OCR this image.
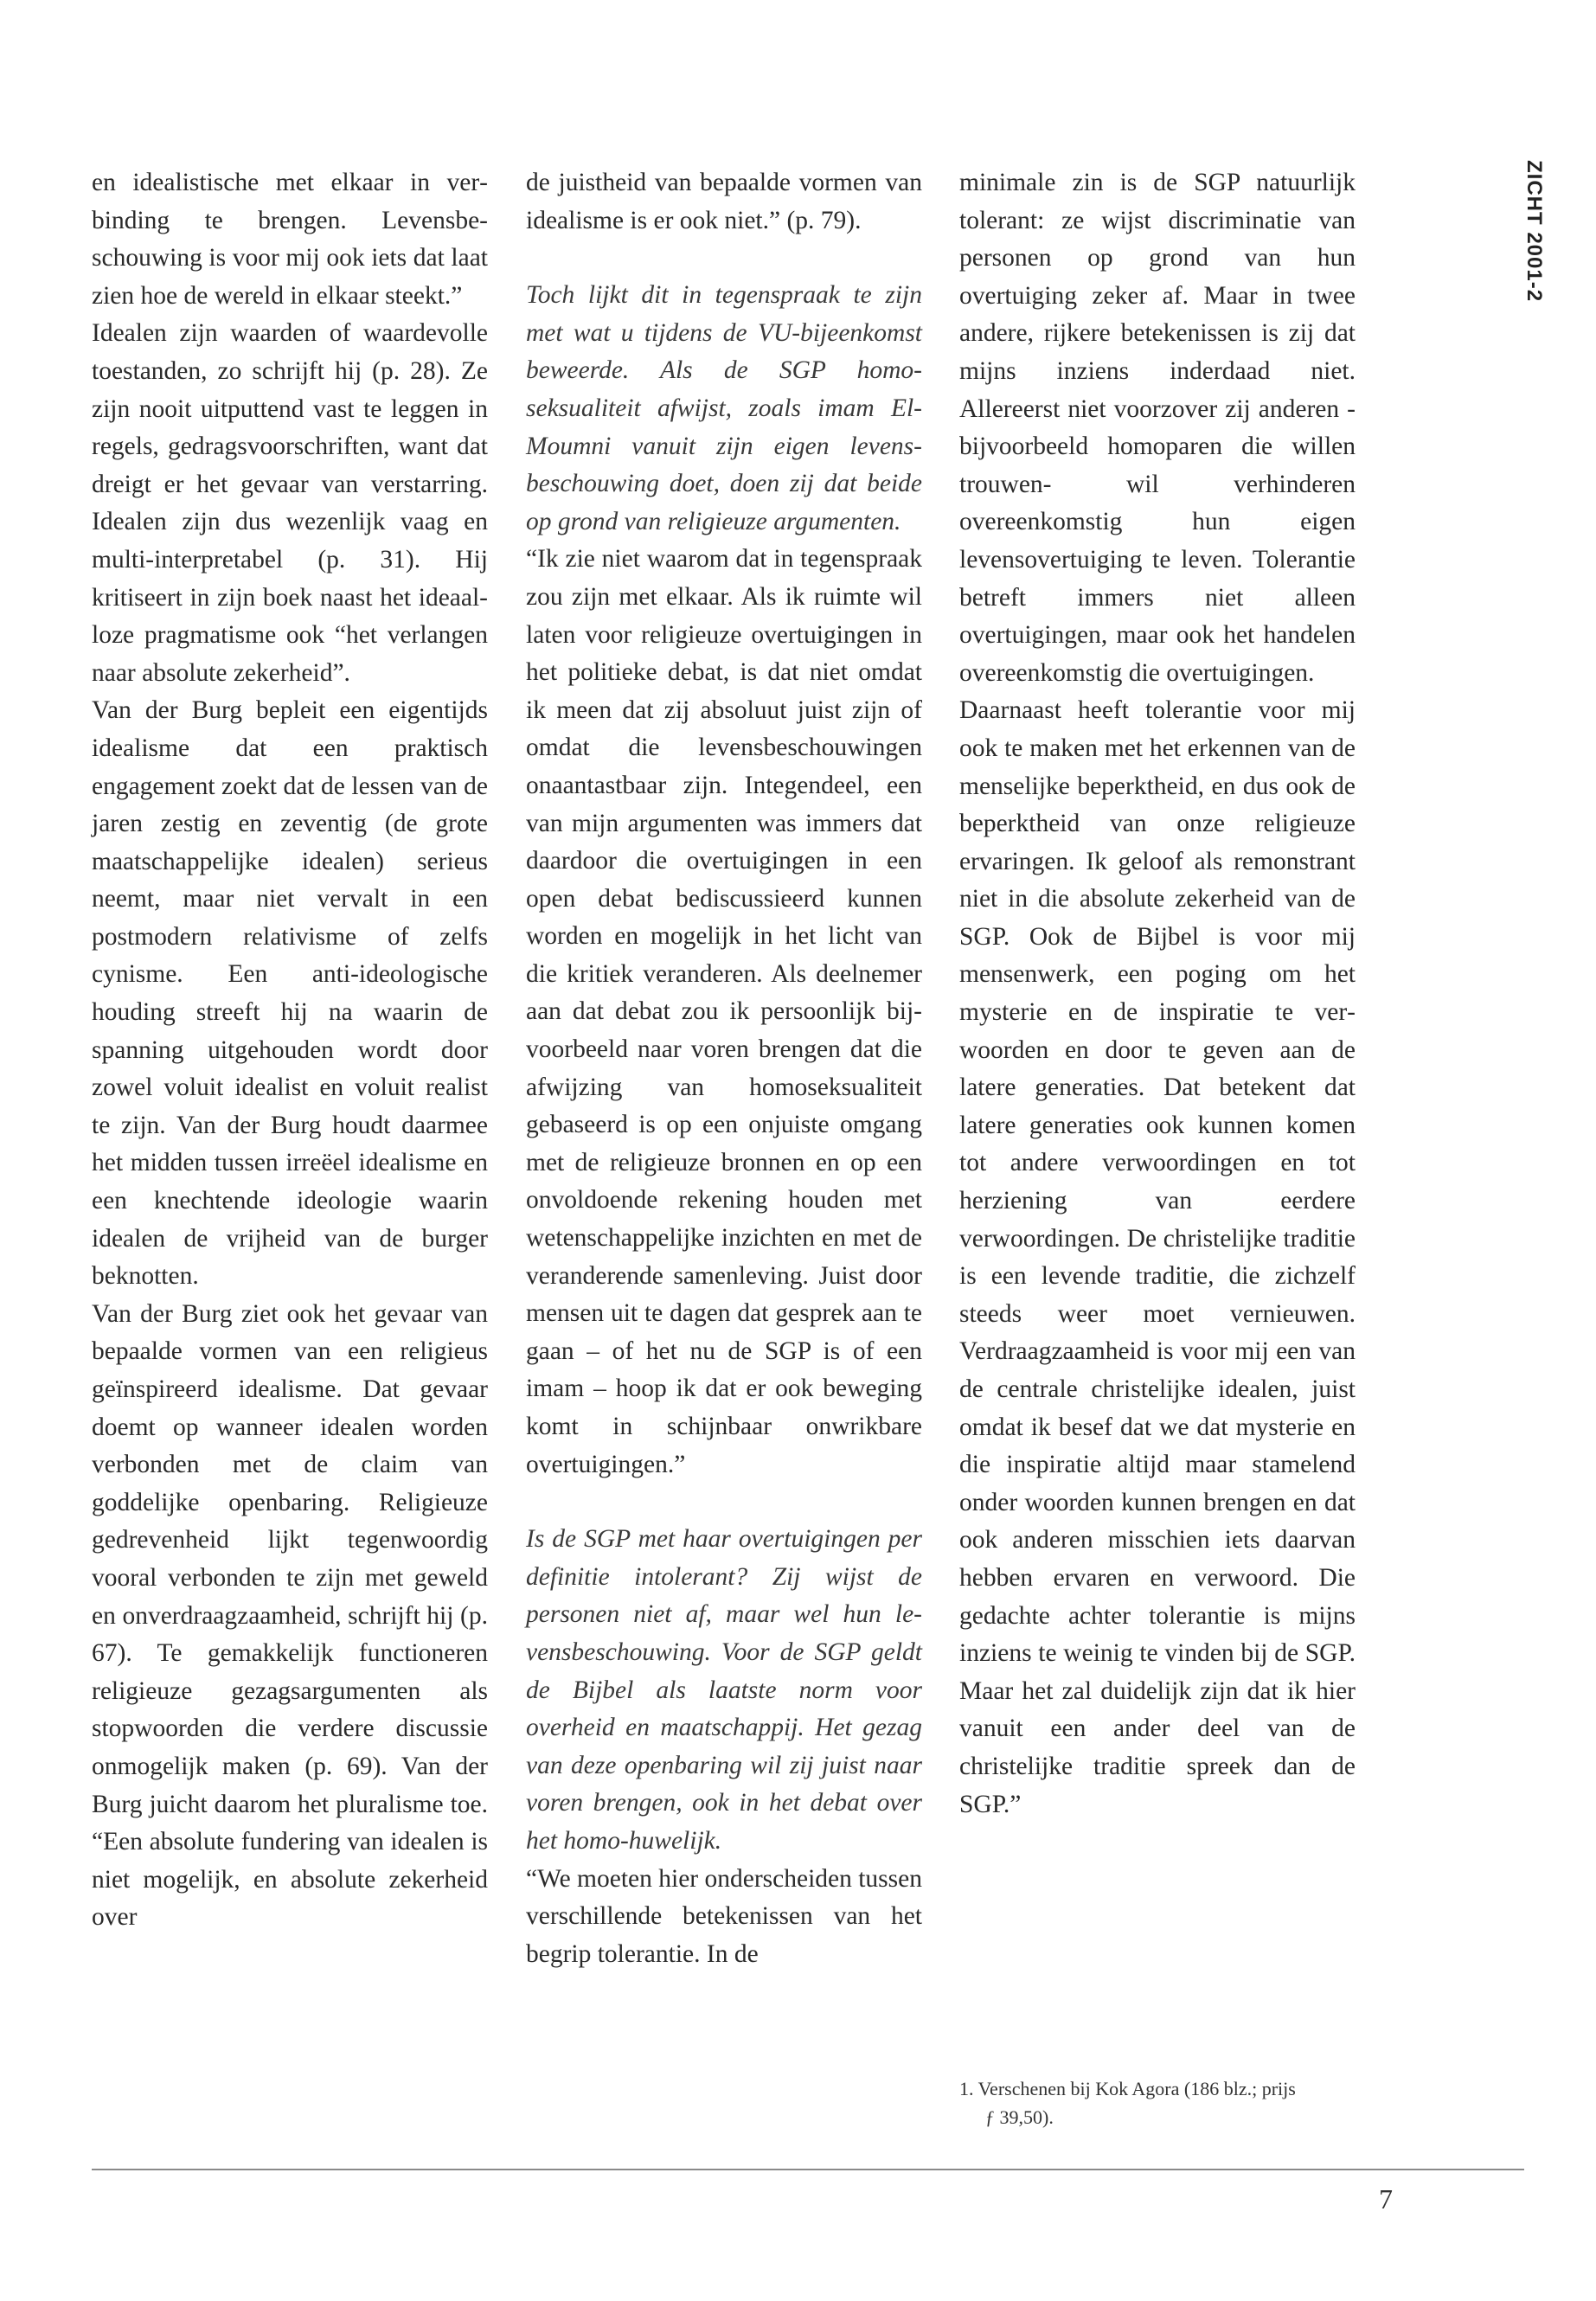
ZICHT 2001-2

en idealistische met elkaar in verbinding te brengen. Levensbeschouwing is voor mij ook iets dat laat zien hoe de wereld in elkaar steekt.”

Idealen zijn waarden of waardevolle toestanden, zo schrijft hij (p. 28). Ze zijn nooit uitputtend vast te leggen in regels, gedragsvoorschriften, want dat dreigt er het gevaar van verstarring. Idealen zijn dus wezenlijk vaag en multi-interpretabel (p. 31). Hij kritiseert in zijn boek naast het ideaal-loze pragmatisme ook “het verlangen naar absolute zekerheid”.

Van der Burg bepleit een eigentijds idealisme dat een praktisch engagement zoekt dat de lessen van de jaren zestig en zeventig (de grote maatschappelijke idealen) serieus neemt, maar niet vervalt in een postmodern relativisme of zelfs cynisme. Een anti-ideologische houding streeft hij na waarin de spanning uitgehouden wordt door zowel voluit idealist en voluit realist te zijn. Van der Burg houdt daarmee het midden tussen irreëel idealisme en een knechtende ideologie waarin idealen de vrijheid van de burger beknotten.

Van der Burg ziet ook het gevaar van bepaalde vormen van een religieus geïnspireerd idealisme. Dat gevaar doemt op wanneer idealen worden verbonden met de claim van goddelijke openbaring. Religieuze gedrevenheid lijkt tegenwoordig vooral verbonden te zijn met geweld en onverdraagzaamheid, schrijft hij (p. 67). Te gemakkelijk functioneren religieuze gezagsargumenten als stopwoorden die verdere discussie onmogelijk maken (p. 69). Van der Burg juicht daarom het pluralisme toe. “Een absolute fundering van idealen is niet mogelijk, en absolute zekerheid over

de juistheid van bepaalde vormen van idealisme is er ook niet.” (p. 79).

Toch lijkt dit in tegenspraak te zijn met wat u tijdens de VU-bijeenkomst beweerde. Als de SGP homoseksualiteit afwijst, zoals imam El-Moumni vanuit zijn eigen levensbeschouwing doet, doen zij dat beide op grond van religieuze argumenten.

“Ik zie niet waarom dat in tegenspraak zou zijn met elkaar. Als ik ruimte wil laten voor religieuze overtuigingen in het politieke debat, is dat niet omdat ik meen dat zij absoluut juist zijn of omdat die levensbeschouwingen onaantastbaar zijn. Integendeel, een van mijn argumenten was immers dat daardoor die overtuigingen in een open debat bediscussieerd kunnen worden en mogelijk in het licht van die kritiek veranderen. Als deelnemer aan dat debat zou ik persoonlijk bijvoorbeeld naar voren brengen dat die afwijzing van homoseksualiteit gebaseerd is op een onjuiste omgang met de religieuze bronnen en op een onvoldoende rekening houden met wetenschappelijke inzichten en met de veranderende samenleving. Juist door mensen uit te dagen dat gesprek aan te gaan – of het nu de SGP is of een imam – hoop ik dat er ook beweging komt in schijnbaar onwrikbare overtuigingen.”

Is de SGP met haar overtuigingen per definitie intolerant? Zij wijst de personen niet af, maar wel hun levensbeschouwing. Voor de SGP geldt de Bijbel als laatste norm voor overheid en maatschappij. Het gezag van deze openbaring wil zij juist naar voren brengen, ook in het debat over het homo-huwelijk.

“We moeten hier onderscheiden tussen verschillende betekenissen van het begrip tolerantie. In de

minimale zin is de SGP natuurlijk tolerant: ze wijst discriminatie van personen op grond van hun overtuiging zeker af. Maar in twee andere, rijkere betekenissen is zij dat mijns inziens inderdaad niet. Allereerst niet voorzover zij anderen -bijvoorbeeld homoparen die willen trouwen- wil verhinderen overeenkomstig hun eigen levensovertuiging te leven. Tolerantie betreft immers niet alleen overtuigingen, maar ook het handelen overeenkomstig die overtuigingen.

Daarnaast heeft tolerantie voor mij ook te maken met het erkennen van de menselijke beperktheid, en dus ook de beperktheid van onze religieuze ervaringen. Ik geloof als remonstrant niet in die absolute zekerheid van de SGP. Ook de Bijbel is voor mij mensenwerk, een poging om het mysterie en de inspiratie te verwoorden en door te geven aan de latere generaties. Dat betekent dat latere generaties ook kunnen komen tot andere verwoordingen en tot herziening van eerdere verwoordingen. De christelijke traditie is een levende traditie, die zichzelf steeds weer moet vernieuwen. Verdraagzaamheid is voor mij een van de centrale christelijke idealen, juist omdat ik besef dat we dat mysterie en die inspiratie altijd maar stamelend onder woorden kunnen brengen en dat ook anderen misschien iets daarvan hebben ervaren en verwoord. Die gedachte achter tolerantie is mijns inziens te weinig te vinden bij de SGP. Maar het zal duidelijk zijn dat ik hier vanuit een ander deel van de christelijke traditie spreek dan de SGP.”

1. Verschenen bij Kok Agora (186 blz.; prijs
ƒ 39,50).
7
